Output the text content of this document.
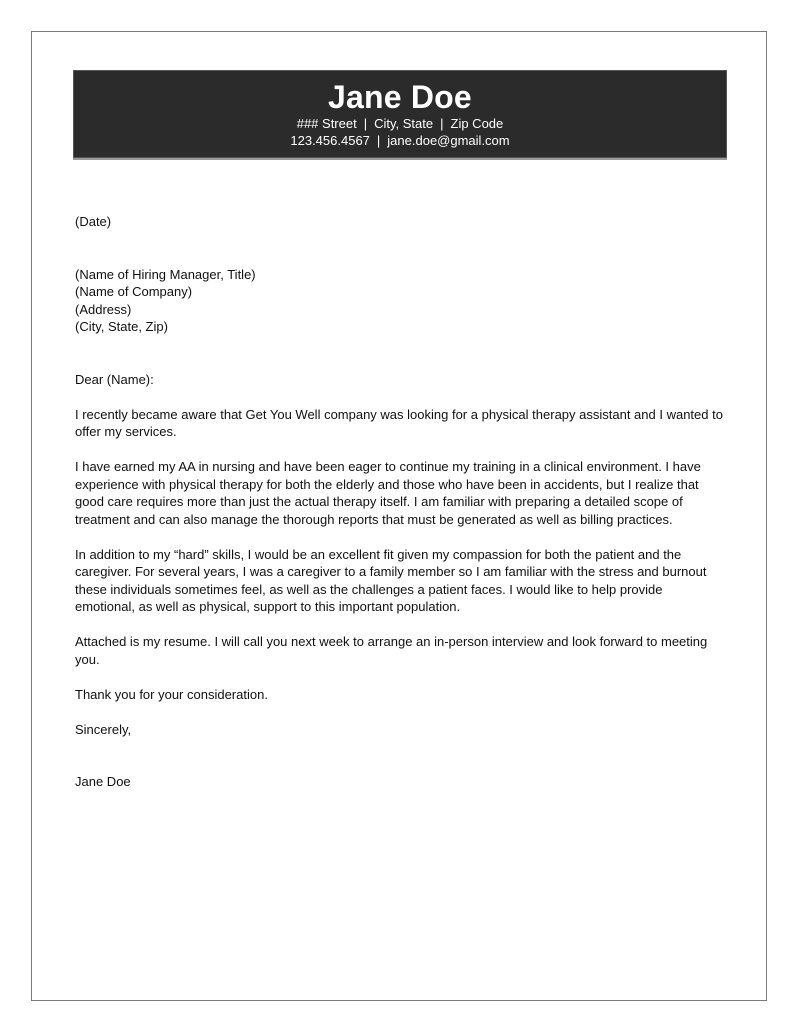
Jane Doe
### Street | City, State | Zip Code
123.456.4567 | jane.doe@gmail.com

(Date)

(Name of Hiring Manager, Title)

(Name of Company)

(Address)

(City, State, Zip)

Dear (Name):

I recently became aware that Get You Well company was looking for a physical therapy assistant and I wanted to offer my services.

I have earned my AA in nursing and have been eager to continue my training in a clinical environment. I have experience with physical therapy for both the elderly and those who have been in accidents, but I realize that good care requires more than just the actual therapy itself. I am familiar with preparing a detailed scope of treatment and can also manage the thorough reports that must be generated as well as billing practices.

In addition to my “hard” skills, I would be an excellent fit given my compassion for both the patient and the caregiver. For several years, I was a caregiver to a family member so I am familiar with the stress and burnout these individuals sometimes feel, as well as the challenges a patient faces. I would like to help provide emotional, as well as physical, support to this important population.

Attached is my resume. I will call you next week to arrange an in-person interview and look forward to meeting you.

Thank you for your consideration.

Sincerely,

Jane Doe
